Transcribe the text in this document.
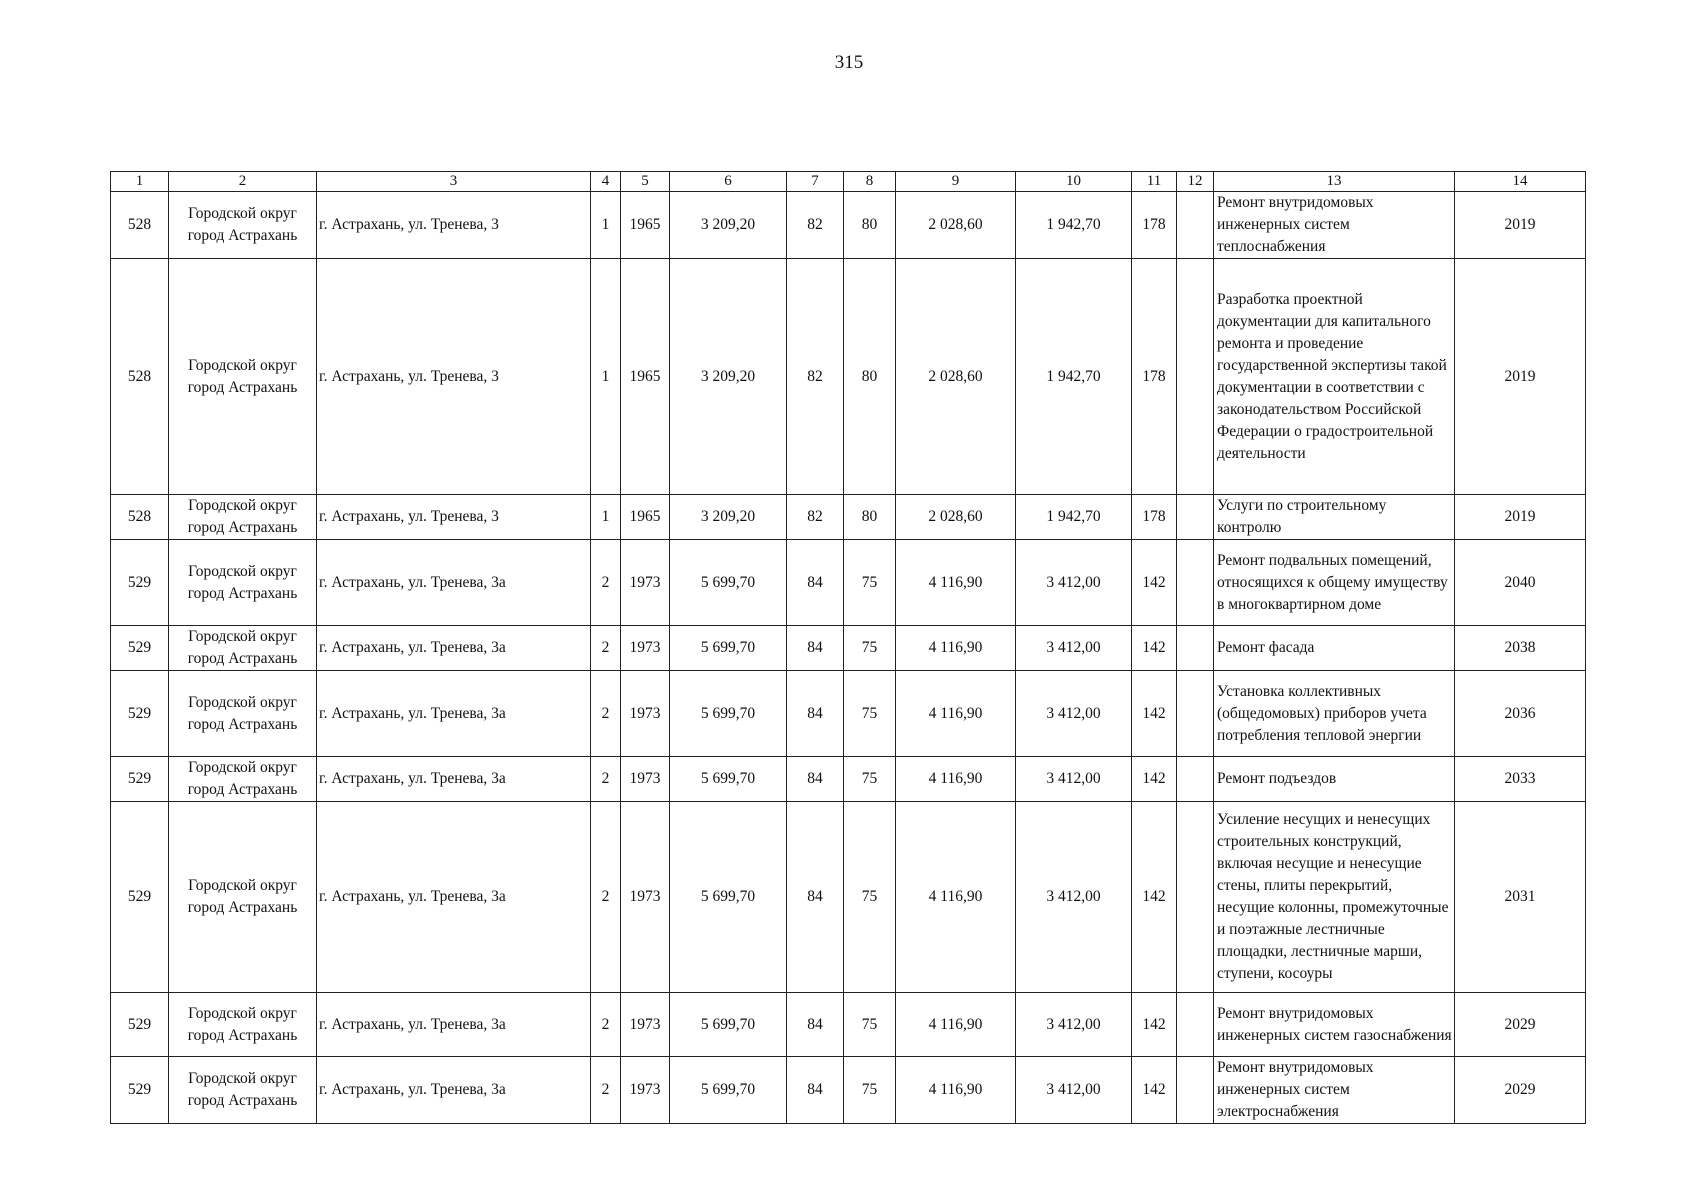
315
1	2	3	4	5	6	7	8	9	10	11	12	13	14
528	Городской округ город Астрахань	г. Астрахань, ул. Тренева, 3	1	1965	3 209,20	82	80	2 028,60	1 942,70	178		Ремонт внутридомовых инженерных систем теплоснабжения	2019
528	Городской округ город Астрахань	г. Астрахань, ул. Тренева, 3	1	1965	3 209,20	82	80	2 028,60	1 942,70	178		Разработка проектной документации для капитального ремонта и проведение государственной экспертизы такой документации в соответствии с законодательством Российской Федерации о градостроительной деятельности	2019
528	Городской округ город Астрахань	г. Астрахань, ул. Тренева, 3	1	1965	3 209,20	82	80	2 028,60	1 942,70	178		Услуги по строительному контролю	2019
529	Городской округ город Астрахань	г. Астрахань, ул. Тренева, 3а	2	1973	5 699,70	84	75	4 116,90	3 412,00	142		Ремонт подвальных помещений, относящихся к общему имуществу в многоквартирном доме	2040
529	Городской округ город Астрахань	г. Астрахань, ул. Тренева, 3а	2	1973	5 699,70	84	75	4 116,90	3 412,00	142		Ремонт фасада	2038
529	Городской округ город Астрахань	г. Астрахань, ул. Тренева, 3а	2	1973	5 699,70	84	75	4 116,90	3 412,00	142		Установка коллективных (общедомовых) приборов учета потребления тепловой энергии	2036
529	Городской округ город Астрахань	г. Астрахань, ул. Тренева, 3а	2	1973	5 699,70	84	75	4 116,90	3 412,00	142		Ремонт подъездов	2033
529	Городской округ город Астрахань	г. Астрахань, ул. Тренева, 3а	2	1973	5 699,70	84	75	4 116,90	3 412,00	142		Усиление несущих и ненесущих строительных конструкций, включая несущие и ненесущие стены, плиты перекрытий, несущие колонны, промежуточные и поэтажные лестничные площадки, лестничные марши, ступени, косоуры	2031
529	Городской округ город Астрахань	г. Астрахань, ул. Тренева, 3а	2	1973	5 699,70	84	75	4 116,90	3 412,00	142		Ремонт внутридомовых инженерных систем газоснабжения	2029
529	Городской округ город Астрахань	г. Астрахань, ул. Тренева, 3а	2	1973	5 699,70	84	75	4 116,90	3 412,00	142		Ремонт внутридомовых инженерных систем электроснабжения	2029
